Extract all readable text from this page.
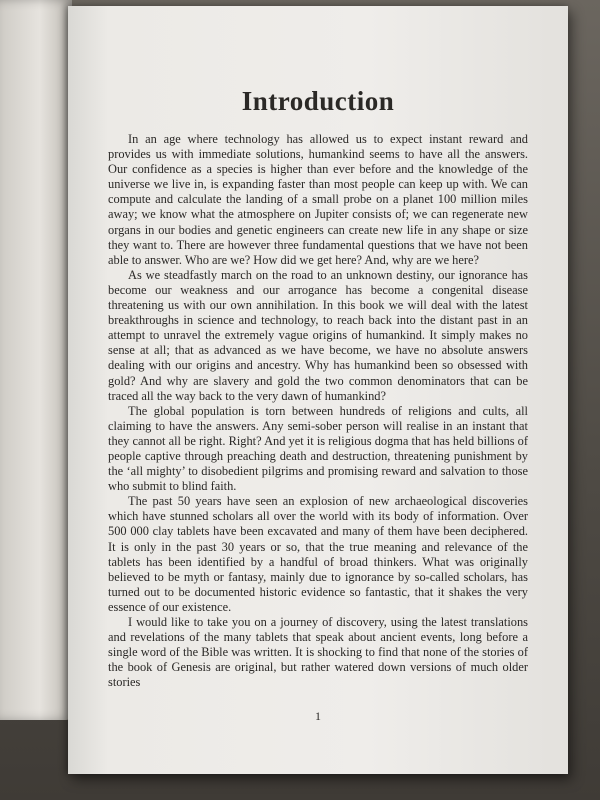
Introduction

In an age where technology has allowed us to expect instant reward and provides us with immediate solutions, humankind seems to have all the answers. Our confidence as a species is higher than ever before and the knowledge of the universe we live in, is expanding faster than most people can keep up with. We can compute and calculate the landing of a small probe on a planet 100 million miles away; we know what the atmosphere on Jupiter consists of; we can regenerate new organs in our bodies and genetic engineers can create new life in any shape or size they want to. There are however three fundamental questions that we have not been able to answer. Who are we? How did we get here? And, why are we here?

As we steadfastly march on the road to an unknown destiny, our ignorance has become our weakness and our arrogance has become a congenital disease threatening us with our own annihilation. In this book we will deal with the latest breakthroughs in science and technology, to reach back into the distant past in an attempt to unravel the extremely vague origins of humankind. It simply makes no sense at all; that as advanced as we have become, we have no absolute answers dealing with our origins and ancestry. Why has humankind been so obsessed with gold? And why are slavery and gold the two common denominators that can be traced all the way back to the very dawn of humankind?

The global population is torn between hundreds of religions and cults, all claiming to have the answers. Any semi-sober person will realise in an instant that they cannot all be right. Right? And yet it is religious dogma that has held billions of people captive through preaching death and destruction, threatening punishment by the ‘all mighty’ to disobedient pilgrims and promising reward and salvation to those who submit to blind faith.

The past 50 years have seen an explosion of new archaeological discoveries which have stunned scholars all over the world with its body of information. Over 500 000 clay tablets have been excavated and many of them have been deciphered. It is only in the past 30 years or so, that the true meaning and relevance of the tablets has been identified by a handful of broad thinkers. What was originally believed to be myth or fantasy, mainly due to ignorance by so-called scholars, has turned out to be documented historic evidence so fantastic, that it shakes the very essence of our existence.

I would like to take you on a journey of discovery, using the latest translations and revelations of the many tablets that speak about ancient events, long before a single word of the Bible was written. It is shocking to find that none of the stories of the book of Genesis are original, but rather watered down versions of much older stories

1
